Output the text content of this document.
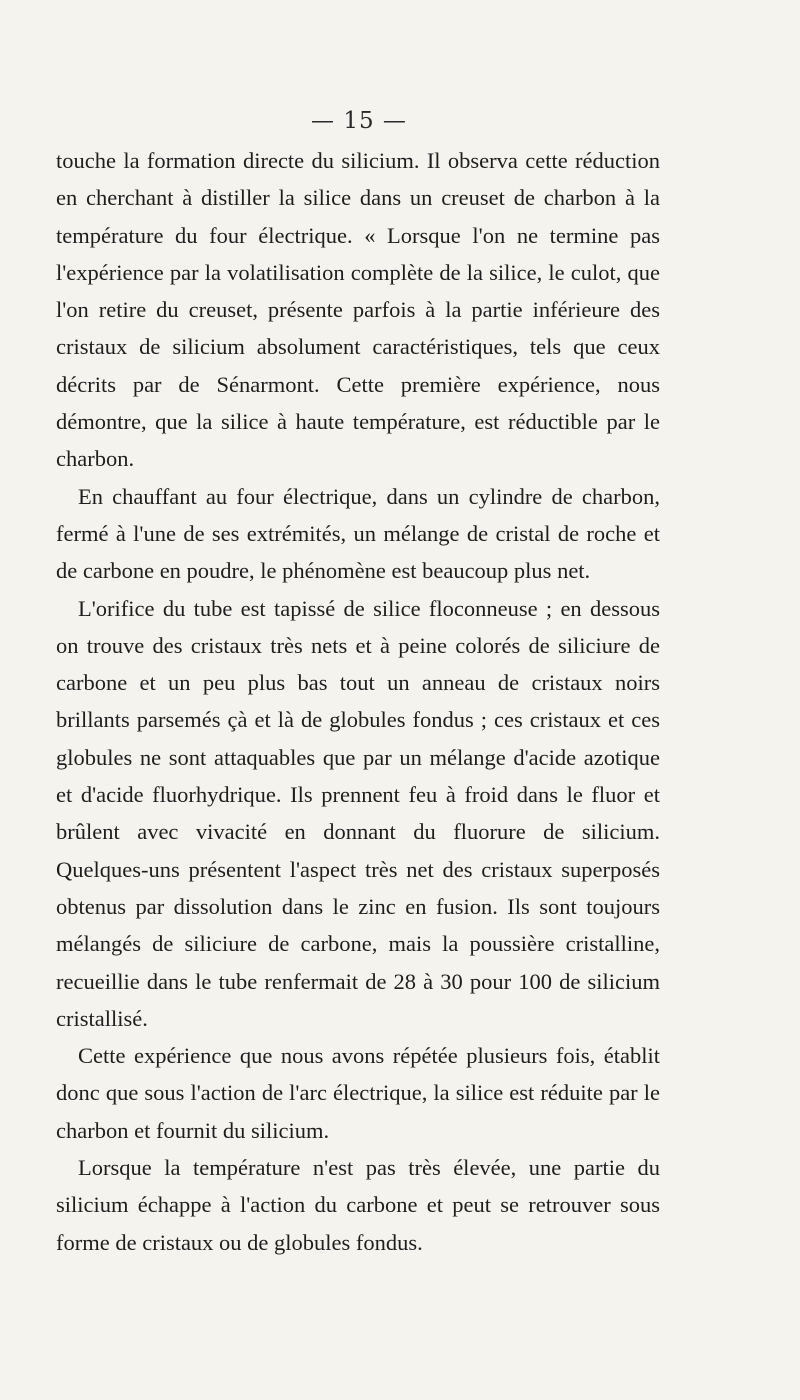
— 15 —

touche la formation directe du silicium. Il observa cette réduction en cherchant à distiller la silice dans un creuset de charbon à la température du four électrique. « Lorsque l'on ne termine pas l'expérience par la volatilisation complète de la silice, le culot, que l'on retire du creuset, présente parfois à la partie inférieure des cristaux de silicium absolument caractéristiques, tels que ceux décrits par de Sénarmont. Cette première expérience, nous démontre, que la silice à haute température, est réductible par le charbon.

En chauffant au four électrique, dans un cylindre de charbon, fermé à l'une de ses extrémités, un mélange de cristal de roche et de carbone en poudre, le phénomène est beaucoup plus net.

L'orifice du tube est tapissé de silice floconneuse ; en dessous on trouve des cristaux très nets et à peine colorés de siliciure de carbone et un peu plus bas tout un anneau de cristaux noirs brillants parsemés çà et là de globules fondus ; ces cristaux et ces globules ne sont attaquables que par un mélange d'acide azotique et d'acide fluorhydrique. Ils prennent feu à froid dans le fluor et brûlent avec vivacité en donnant du fluorure de silicium. Quelques-uns présentent l'aspect très net des cristaux superposés obtenus par dissolution dans le zinc en fusion. Ils sont toujours mélangés de siliciure de carbone, mais la poussière cristalline, recueillie dans le tube renfermait de 28 à 30 pour 100 de silicium cristallisé.

Cette expérience que nous avons répétée plusieurs fois, établit donc que sous l'action de l'arc électrique, la silice est réduite par le charbon et fournit du silicium.

Lorsque la température n'est pas très élevée, une partie du silicium échappe à l'action du carbone et peut se retrouver sous forme de cristaux ou de globules fondus.
